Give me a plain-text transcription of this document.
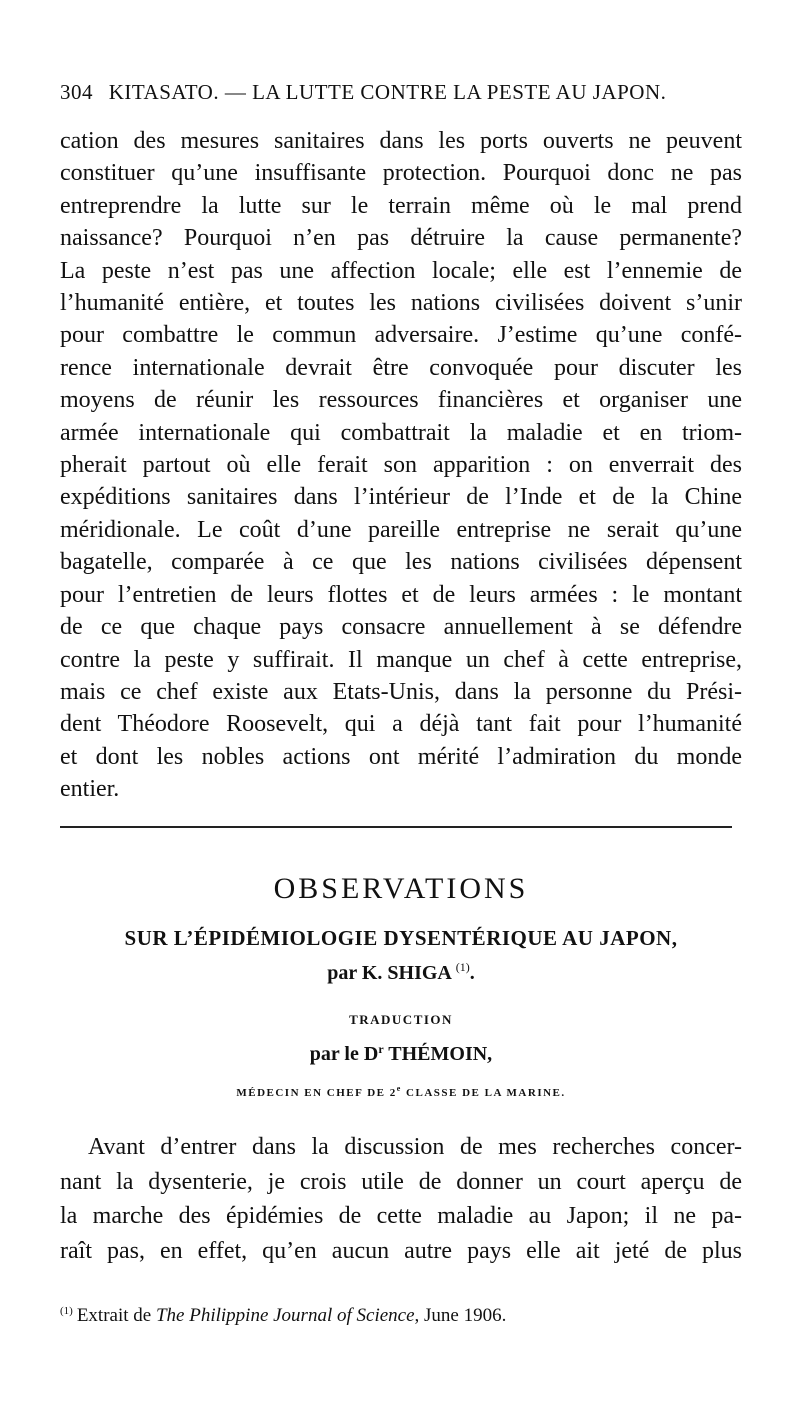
304 KITASATO. — LA LUTTE CONTRE LA PESTE AU JAPON.
cation des mesures sanitaires dans les ports ouverts ne peuvent
constituer qu’une insuffisante protection. Pourquoi donc ne pas
entreprendre la lutte sur le terrain même où le mal prend
naissance? Pourquoi n’en pas détruire la cause permanente?
La peste n’est pas une affection locale; elle est l’ennemie de
l’humanité entière, et toutes les nations civilisées doivent s’unir
pour combattre le commun adversaire. J’estime qu’une confé-
rence internationale devrait être convoquée pour discuter les
moyens de réunir les ressources financières et organiser une
armée internationale qui combattrait la maladie et en triom-
pherait partout où elle ferait son apparition : on enverrait des
expéditions sanitaires dans l’intérieur de l’Inde et de la Chine
méridionale. Le coût d’une pareille entreprise ne serait qu’une
bagatelle, comparée à ce que les nations civilisées dépensent
pour l’entretien de leurs flottes et de leurs armées : le montant
de ce que chaque pays consacre annuellement à se défendre
contre la peste y suffirait. Il manque un chef à cette entreprise,
mais ce chef existe aux Etats-Unis, dans la personne du Prési-
dent Théodore Roosevelt, qui a déjà tant fait pour l’humanité
et dont les nobles actions ont mérité l’admiration du monde
entier.
OBSERVATIONS
SUR L’ÉPIDÉMIOLOGIE DYSENTÉRIQUE AU JAPON,
par K. SHIGA $^{(1)}$.
TRADUCTION
par le $D^r$ THÉMOIN,
MÉDECIN EN CHEF DE 2e CLASSE DE LA MARINE.
Avant d’entrer dans la discussion de mes recherches concer-
nant la dysenterie, je crois utile de donner un court aperçu de
la marche des épidémies de cette maladie au Japon; il ne pa-
raît pas, en effet, qu’en aucun autre pays elle ait jeté de plus
$^{(1)}$ Extrait de The Philippine Journal of Science, June 1906.
